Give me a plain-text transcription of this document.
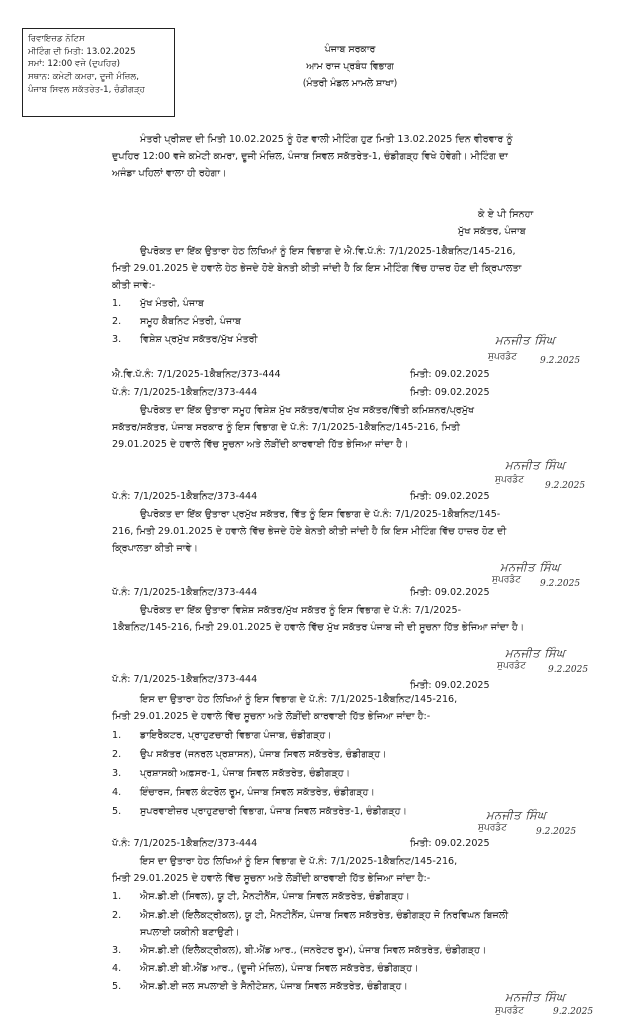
ਰਿਵਾਇਜ਼ਡ ਨੋਟਿਸ
ਮੀਟਿੰਗ ਦੀ ਮਿਤੀ: 13.02.2025
ਸਮਾਂ: 12:00 ਵਜੇ (ਦੁਪਹਿਰ)
ਸਥਾਨ: ਕਮੇਟੀ ਕਮਰਾ, ਦੂਜੀ ਮੰਜ਼ਿਲ,
ਪੰਜਾਬ ਸਿਵਲ ਸਕੱਤਰੇਤ-1, ਚੰਡੀਗੜ੍ਹ
ਪੰਜਾਬ ਸਰਕਾਰ
ਆਮ ਰਾਜ ਪ੍ਰਬੰਧ ਵਿਭਾਗ
(ਮੰਤਰੀ ਮੰਡਲ ਮਾਮਲੇ ਸ਼ਾਖਾ)
ਮੰਤਰੀ ਪ੍ਰੀਸ਼ਦ ਦੀ ਮਿਤੀ 10.02.2025 ਨੂੰ ਹੋਣ ਵਾਲੀ ਮੀਟਿੰਗ ਹੁਣ ਮਿਤੀ 13.02.2025 ਦਿਨ ਵੀਰਵਾਰ ਨੂੰ
ਦੁਪਹਿਰ 12:00 ਵਜੇ ਕਮੇਟੀ ਕਮਰਾ, ਦੂਜੀ ਮੰਜ਼ਿਲ, ਪੰਜਾਬ ਸਿਵਲ ਸਕੱਤਰੇਤ-1, ਚੰਡੀਗੜ੍ਹ ਵਿਖੇ ਹੋਵੇਗੀ। ਮੀਟਿੰਗ ਦਾ
ਅਜੰਡਾ ਪਹਿਲਾਂ ਵਾਲਾ ਹੀ ਰਹੇਗਾ।
ਕੇ ਏ ਪੀ ਸਿਨਹਾ
ਮੁੱਖ ਸਕੱਤਰ, ਪੰਜਾਬ
ਉਪਰੋਕਤ ਦਾ ਇੱਕ ਉਤਾਰਾ ਹੇਠ ਲਿਖਿਆਂ ਨੂੰ ਇਸ ਵਿਭਾਗ ਦੇ ਐ.ਵਿ.ਪੱ.ਨੰ: 7/1/2025-1ਕੈਬਨਿਟ/145-216,
ਮਿਤੀ 29.01.2025 ਦੇ ਹਵਾਲੇ ਹੇਠ ਭੇਜਦੇ ਹੋਏ ਬੇਨਤੀ ਕੀਤੀ ਜਾਂਦੀ ਹੈ ਕਿ ਇਸ ਮੀਟਿੰਗ ਵਿੱਚ ਹਾਜ਼ਰ ਹੋਣ ਦੀ ਕ੍ਰਿਪਾਲਤਾ
ਕੀਤੀ ਜਾਵੇ:-
1. ਮੁੱਖ ਮੰਤਰੀ, ਪੰਜਾਬ
2. ਸਮੂਹ ਕੈਬਨਿਟ ਮੰਤਰੀ, ਪੰਜਾਬ
3. ਵਿਸ਼ੇਸ਼ ਪ੍ਰਮੁੱਖ ਸਕੱਤਰ/ਮੁੱਖ ਮੰਤਰੀ	ਮਨਜੀਤ ਸਿੰਘ
ਸੁਪਰਡੰਟ	9.2.2025
ਐ.ਵਿ.ਪੱ.ਨੰ: 7/1/2025-1ਕੈਬਨਿਟ/373-444	ਮਿਤੀ: 09.02.2025
ਪੱ.ਨੰ: 7/1/2025-1ਕੈਬਨਿਟ/373-444	ਮਿਤੀ: 09.02.2025
ਉਪਰੋਕਤ ਦਾ ਇੱਕ ਉਤਾਰਾ ਸਮੂਹ ਵਿਸ਼ੇਸ਼ ਮੁੱਖ ਸਕੱਤਰ/ਵਧੀਕ ਮੁੱਖ ਸਕੱਤਰ/ਵਿੱਤੀ ਕਮਿਸ਼ਨਰ/ਪ੍ਰਮੁੱਖ
ਸਕੱਤਰ/ਸਕੱਤਰ, ਪੰਜਾਬ ਸਰਕਾਰ ਨੂੰ ਇਸ ਵਿਭਾਗ ਦੇ ਪੱ.ਨੰ: 7/1/2025-1ਕੈਬਨਿਟ/145-216, ਮਿਤੀ
29.01.2025 ਦੇ ਹਵਾਲੇ ਵਿੱਚ ਸੂਚਨਾ ਅਤੇ ਲੋੜੀਂਦੀ ਕਾਰਵਾਈ ਹਿੱਤ ਭੇਜਿਆ ਜਾਂਦਾ ਹੈ।
ਮਨਜੀਤ ਸਿੰਘ
ਸੁਪਰਡੰਟ
9.2.2025
ਪੱ.ਨੰ: 7/1/2025-1ਕੈਬਨਿਟ/373-444	ਮਿਤੀ: 09.02.2025
ਉਪਰੋਕਤ ਦਾ ਇੱਕ ਉਤਾਰਾ ਪ੍ਰਮੁੱਖ ਸਕੱਤਰ, ਵਿੱਤ ਨੂੰ ਇਸ ਵਿਭਾਗ ਦੇ ਪੱ.ਨੰ: 7/1/2025-1ਕੈਬਨਿਟ/145-
216, ਮਿਤੀ 29.01.2025 ਦੇ ਹਵਾਲੇ ਵਿੱਚ ਭੇਜਦੇ ਹੋਏ ਬੇਨਤੀ ਕੀਤੀ ਜਾਂਦੀ ਹੈ ਕਿ ਇਸ ਮੀਟਿੰਗ ਵਿੱਚ ਹਾਜ਼ਰ ਹੋਣ ਦੀ
ਕ੍ਰਿਪਾਲਤਾ ਕੀਤੀ ਜਾਵੇ।
ਮਨਜੀਤ ਸਿੰਘ
ਸੁਪਰਡੰਟ 9.2.2025
ਪੱ.ਨੰ: 7/1/2025-1ਕੈਬਨਿਟ/373-444	ਮਿਤੀ: 09.02.2025
ਉਪਰੋਕਤ ਦਾ ਇੱਕ ਉਤਾਰਾ ਵਿਸ਼ੇਸ਼ ਸਕੱਤਰ/ਮੁੱਖ ਸਕੱਤਰ ਨੂੰ ਇਸ ਵਿਭਾਗ ਦੇ ਪੱ.ਨੰ: 7/1/2025-
1ਕੈਬਨਿਟ/145-216, ਮਿਤੀ 29.01.2025 ਦੇ ਹਵਾਲੇ ਵਿੱਚ ਮੁੱਖ ਸਕੱਤਰ ਪੰਜਾਬ ਜੀ ਦੀ ਸੂਚਨਾ ਹਿੱਤ ਭੇਜਿਆ ਜਾਂਦਾ ਹੈ।
ਮਨਜੀਤ ਸਿੰਘ
ਸੁਪਰਡੰਟ 9.2.2025
ਪੱ.ਨੰ: 7/1/2025-1ਕੈਬਨਿਟ/373-444
ਮਿਤੀ: 09.02.2025
ਇਸ ਦਾ ਉਤਾਰਾ ਹੇਠ ਲਿਖਿਆਂ ਨੂੰ ਇਸ ਵਿਭਾਗ ਦੇ ਪੱ.ਨੰ: 7/1/2025-1ਕੈਬਨਿਟ/145-216,
ਮਿਤੀ 29.01.2025 ਦੇ ਹਵਾਲੇ ਵਿੱਚ ਸੂਚਨਾ ਅਤੇ ਲੋੜੀਂਦੀ ਕਾਰਵਾਈ ਹਿੱਤ ਭੇਜਿਆ ਜਾਂਦਾ ਹੈ:-
1. ਡਾਇਰੈਕਟਰ, ਪ੍ਰਾਹੁਣਚਾਰੀ ਵਿਭਾਗ ਪੰਜਾਬ, ਚੰਡੀਗੜ੍ਹ।
2. ਉਪ ਸਕੱਤਰ (ਜਨਰਲ ਪ੍ਰਸ਼ਾਸਨ), ਪੰਜਾਬ ਸਿਵਲ ਸਕੱਤਰੇਤ, ਚੰਡੀਗੜ੍ਹ।
3. ਪ੍ਰਸ਼ਾਸਕੀ ਅਫ਼ਸਰ-1, ਪੰਜਾਬ ਸਿਵਲ ਸਕੱਤਰੇਤ, ਚੰਡੀਗੜ੍ਹ।
4. ਇੰਚਾਰਜ, ਸਿਵਲ ਕੰਟਰੋਲ ਰੂਮ, ਪੰਜਾਬ ਸਿਵਲ ਸਕੱਤਰੇਤ, ਚੰਡੀਗੜ੍ਹ।
5. ਸੁਪਰਵਾਈਜ਼ਰ ਪ੍ਰਾਹੁਣਚਾਰੀ ਵਿਭਾਗ, ਪੰਜਾਬ ਸਿਵਲ ਸਕੱਤਰੇਤ-1, ਚੰਡੀਗੜ੍ਹ।	ਮਨਜੀਤ ਸਿੰਘ
ਸੁਪਰਡੰਟ	9.2.2025
ਪੱ.ਨੰ: 7/1/2025-1ਕੈਬਨਿਟ/373-444	ਮਿਤੀ: 09.02.2025
ਇਸ ਦਾ ਉਤਾਰਾ ਹੇਠ ਲਿਖਿਆਂ ਨੂੰ ਇਸ ਵਿਭਾਗ ਦੇ ਪੱ.ਨੰ: 7/1/2025-1ਕੈਬਨਿਟ/145-216,
ਮਿਤੀ 29.01.2025 ਦੇ ਹਵਾਲੇ ਵਿੱਚ ਸੂਚਨਾ ਅਤੇ ਲੋੜੀਂਦੀ ਕਾਰਵਾਈ ਹਿੱਤ ਭੇਜਿਆ ਜਾਂਦਾ ਹੈ:-
1. ਐਸ.ਡੀ.ਈ (ਸਿਵਲ), ਯੂ ਟੀ, ਮੈਨਟੀਨੈਂਸ, ਪੰਜਾਬ ਸਿਵਲ ਸਕੱਤਰੇਤ, ਚੰਡੀਗੜ੍ਹ।
2. ਐਸ.ਡੀ.ਈ (ਇਲੈਕਟ੍ਰੀਕਲ), ਯੂ ਟੀ, ਮੈਨਟੀਨੈਂਸ, ਪੰਜਾਬ ਸਿਵਲ ਸਕੱਤਰੇਤ, ਚੰਡੀਗੜ੍ਹ ਜੋ ਨਿਰਵਿਘਨ ਬਿਜਲੀ
ਸਪਲਾਈ ਯਕੀਨੀ ਬਣਾਉਣੀ।
3. ਐਸ.ਡੀ.ਈ (ਇਲੈਕਟ੍ਰੀਕਲ), ਬੀ.ਐਂਡ ਆਰ., (ਜਨਰੇਟਰ ਰੂਮ), ਪੰਜਾਬ ਸਿਵਲ ਸਕੱਤਰੇਤ, ਚੰਡੀਗੜ੍ਹ।
4. ਐਸ.ਡੀ.ਈ ਬੀ.ਐਂਡ ਆਰ., (ਦੂਜੀ ਮੰਜ਼ਿਲ), ਪੰਜਾਬ ਸਿਵਲ ਸਕੱਤਰੇਤ, ਚੰਡੀਗੜ੍ਹ।
5. ਐਸ.ਡੀ.ਈ ਜਲ ਸਪਲਾਈ ਤੇ ਸੈਨੀਟੇਸ਼ਨ, ਪੰਜਾਬ ਸਿਵਲ ਸਕੱਤਰੇਤ, ਚੰਡੀਗੜ੍ਹ।
ਮਨਜੀਤ ਸਿੰਘ
ਸੁਪਰਡੰਟ	9.2.2025
